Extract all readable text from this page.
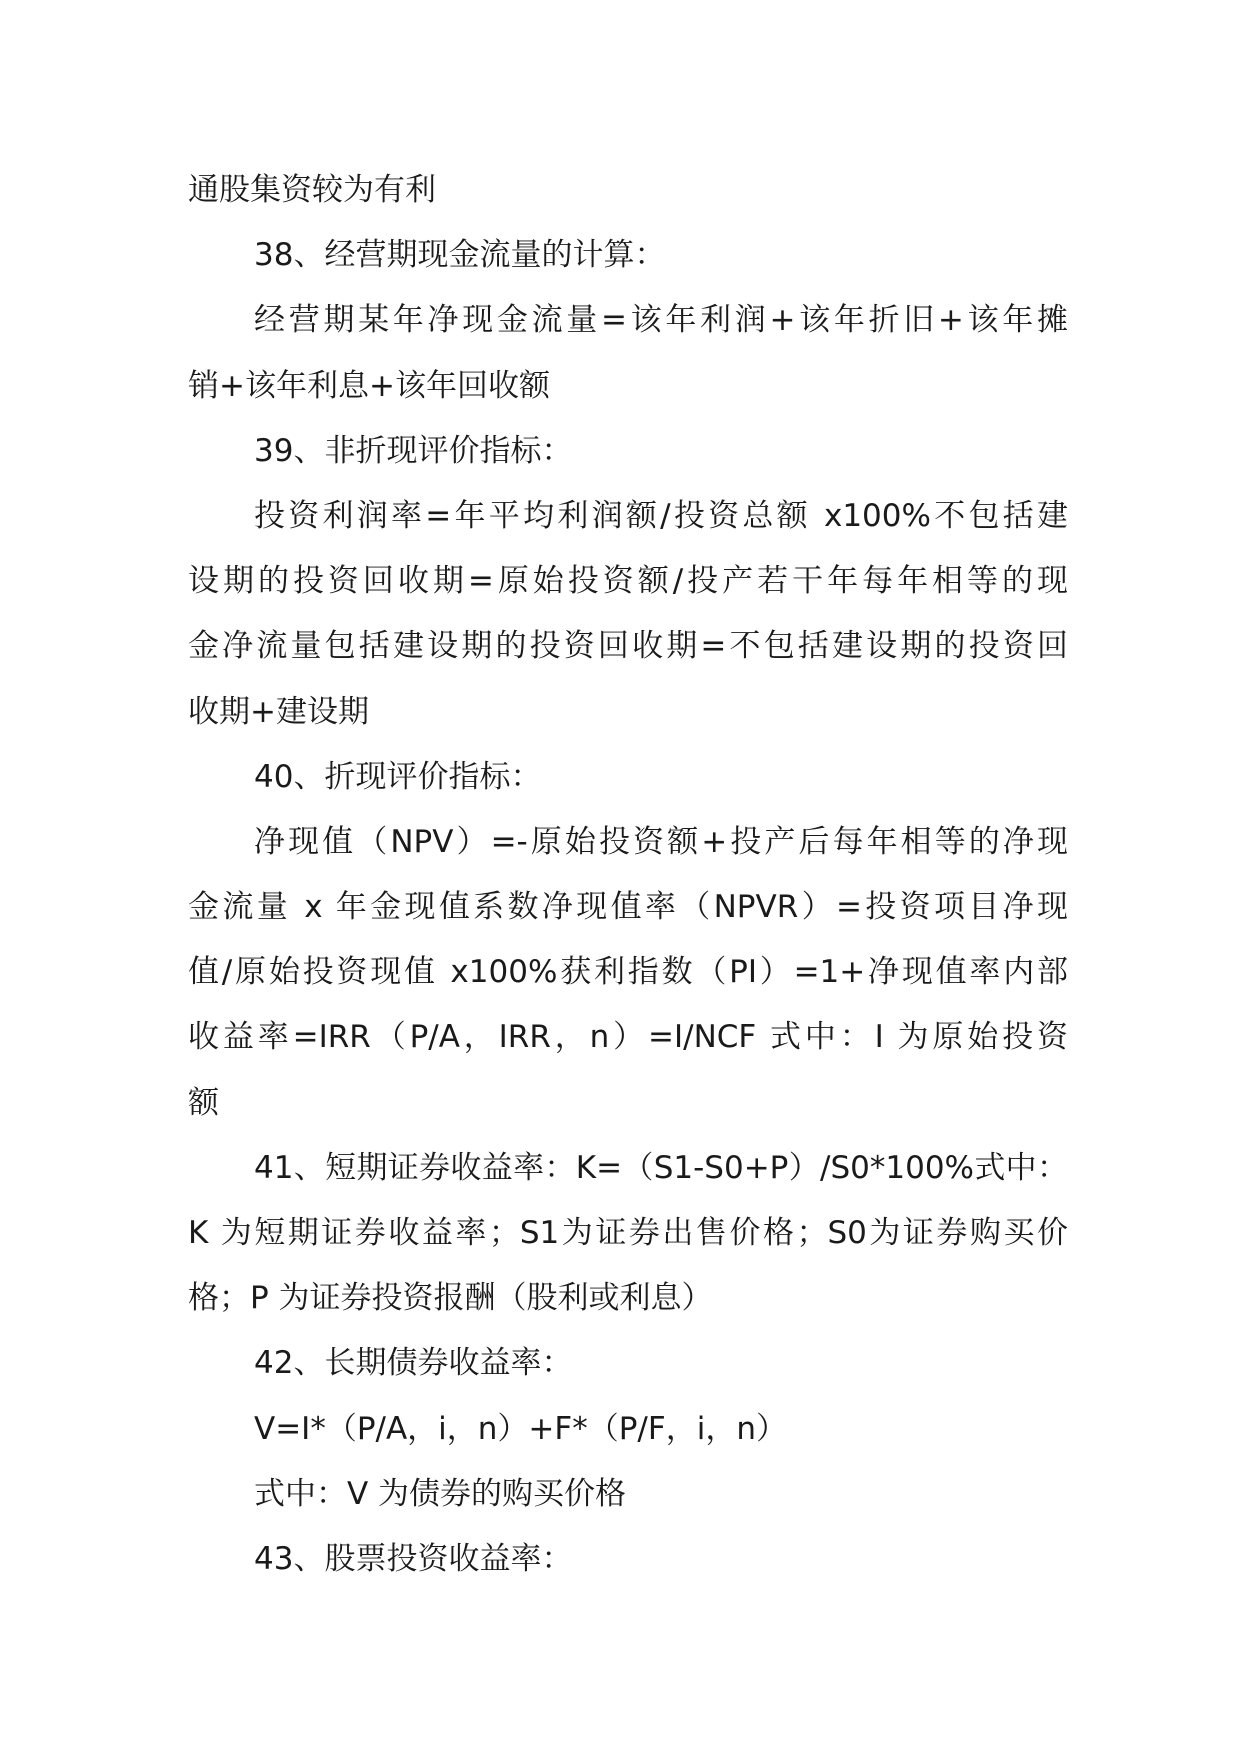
通股集资较为有利
38、经营期现金流量的计算：
经营期某年净现金流量=该年利润+该年折旧+该年摊
销+该年利息+该年回收额
39、非折现评价指标：
投资利润率=年平均利润额/投资总额 x100%不包括建
设期的投资回收期=原始投资额/投产若干年每年相等的现
金净流量包括建设期的投资回收期=不包括建设期的投资回
收期+建设期
40、折现评价指标：
净现值（NPV）=-原始投资额+投产后每年相等的净现
金流量 x 年金现值系数净现值率（NPVR）=投资项目净现
值/原始投资现值 x100%获利指数（PI）=1+净现值率内部
收益率=IRR（P/A，IRR，n）=I/NCF 式中：I 为原始投资
额
41、短期证券收益率：K=（S1-S0+P）/S0*100%式中：
K 为短期证券收益率；S1为证券出售价格；S0为证券购买价
格；P 为证券投资报酬（股利或利息）
42、长期债券收益率：
V=I*（P/A，i，n）+F*（P/F，i，n）
式中：V 为债券的购买价格
43、股票投资收益率：
